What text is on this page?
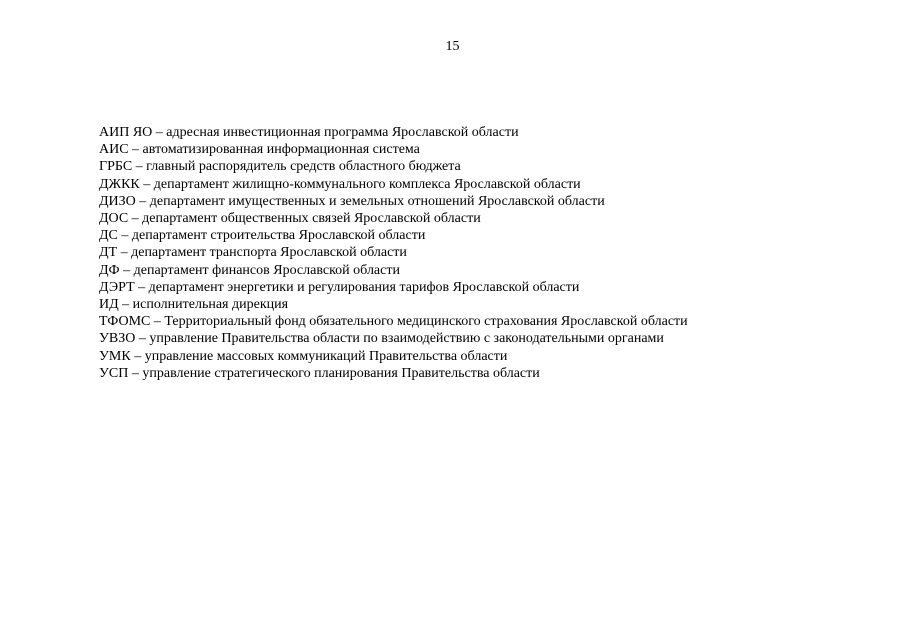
15
АИП ЯО – адресная инвестиционная программа Ярославской области
АИС – автоматизированная информационная система
ГРБС – главный распорядитель средств областного бюджета
ДЖКК – департамент жилищно-коммунального комплекса Ярославской области
ДИЗО – департамент имущественных и земельных отношений Ярославской области
ДОС – департамент общественных связей Ярославской области
ДС – департамент строительства Ярославской области
ДТ – департамент транспорта Ярославской области
ДФ – департамент финансов Ярославской области
ДЭРТ – департамент энергетики и регулирования тарифов Ярославской области
ИД – исполнительная дирекция
ТФОМС – Территориальный фонд обязательного медицинского страхования Ярославской области
УВЗО – управление Правительства области по взаимодействию с законодательными органами
УМК – управление массовых коммуникаций Правительства области
УСП – управление стратегического планирования Правительства области
